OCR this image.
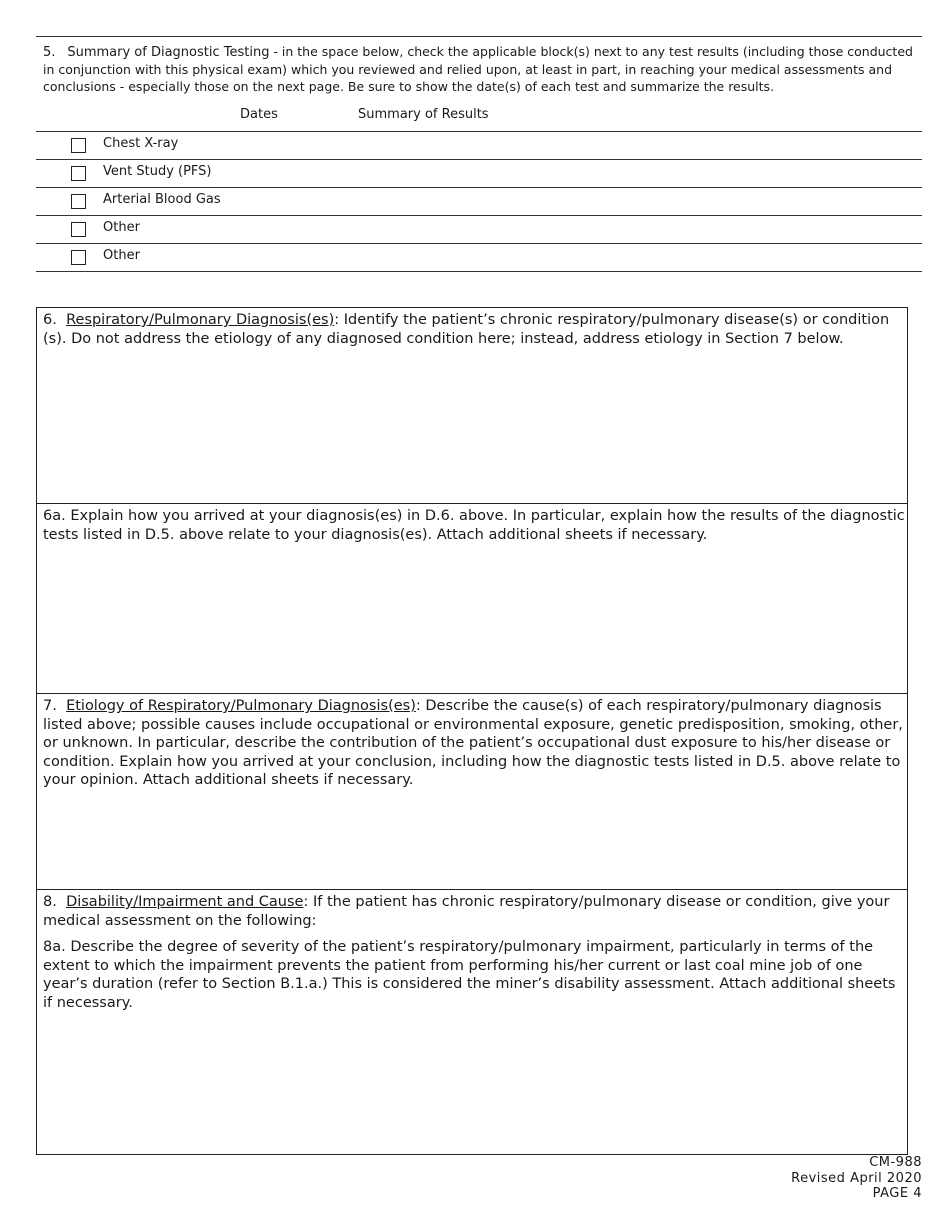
5. Summary of Diagnostic Testing - in the space below, check the applicable block(s) next to any test results (including those conducted in conjunction with this physical exam) which you reviewed and relied upon, at least in part, in reaching your medical assessments and conclusions - especially those on the next page. Be sure to show the date(s) of each test and summarize the results.
Dates	Summary of Results
Chest X-ray
Vent Study (PFS)
Arterial Blood Gas
Other
Other
6. Respiratory/Pulmonary Diagnosis(es): Identify the patient’s chronic respiratory/pulmonary disease(s) or condition (s). Do not address the etiology of any diagnosed condition here; instead, address etiology in Section 7 below.
6a. Explain how you arrived at your diagnosis(es) in D.6. above. In particular, explain how the results of the diagnostic tests listed in D.5. above relate to your diagnosis(es). Attach additional sheets if necessary.
7. Etiology of Respiratory/Pulmonary Diagnosis(es): Describe the cause(s) of each respiratory/pulmonary diagnosis listed above; possible causes include occupational or environmental exposure, genetic predisposition, smoking, other, or unknown. In particular, describe the contribution of the patient’s occupational dust exposure to his/her disease or condition. Explain how you arrived at your conclusion, including how the diagnostic tests listed in D.5. above relate to your opinion. Attach additional sheets if necessary.
8. Disability/Impairment and Cause: If the patient has chronic respiratory/pulmonary disease or condition, give your medical assessment on the following:
8a. Describe the degree of severity of the patient’s respiratory/pulmonary impairment, particularly in terms of the extent to which the impairment prevents the patient from performing his/her current or last coal mine job of one year’s duration (refer to Section B.1.a.) This is considered the miner’s disability assessment. Attach additional sheets if necessary.
CM-988
Revised April 2020
PAGE 4
